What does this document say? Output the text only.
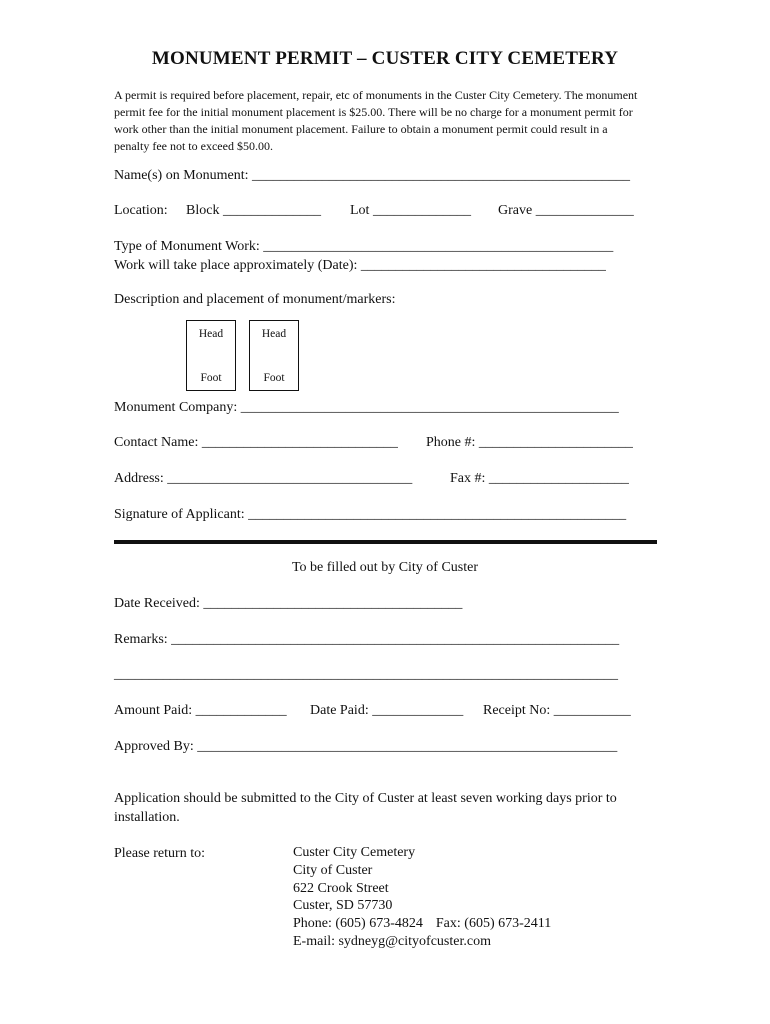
MONUMENT PERMIT – CUSTER CITY CEMETERY
A permit is required before placement, repair, etc of monuments in the Custer City Cemetery. The monument permit fee for the initial monument placement is $25.00. There will be no charge for a monument permit for work other than the initial monument placement. Failure to obtain a monument permit could result in a penalty fee not to exceed $50.00.
Name(s) on Monument: ______________________________________________________
Location: Block ______________ Lot ______________ Grave ______________
Type of Monument Work: __________________________________________________
Work will take place approximately (Date): ___________________________________
Description and placement of monument/markers:
Head
Foot
Head
Foot
Monument Company: ______________________________________________________
Contact Name: ____________________________ Phone #: ______________________
Address: ___________________________________	Fax #: ____________________
Signature of Applicant: ______________________________________________________
To be filled out by City of Custer
Date Received: _____________________________________
Remarks: ________________________________________________________________
________________________________________________________________________
Amount Paid: _____________ Date Paid: _____________ Receipt No: ___________
Approved By: ____________________________________________________________
Application should be submitted to the City of Custer at least seven working days prior to installation.
Please return to:	Custer City Cemetery
City of Custer
622 Crook Street
Custer, SD 57730
Phone: (605) 673-4824 Fax: (605) 673-2411
E-mail: sydneyg@cityofcuster.com
